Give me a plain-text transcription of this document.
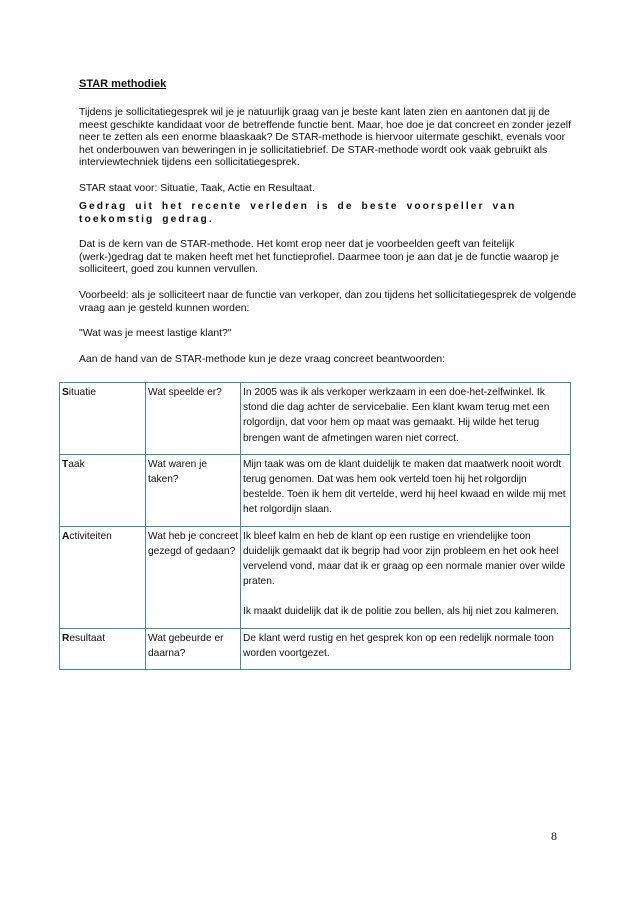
STAR methodiek

Tijdens je sollicitatiegesprek wil je je natuurlijk graag van je beste kant laten zien en aantonen dat jij de meest geschikte kandidaat voor de betreffende functie bent. Maar, hoe doe je dat concreet en zonder jezelf neer te zetten als een enorme blaaskaak? De STAR-methode is hiervoor uitermate geschikt, evenals voor het onderbouwen van beweringen in je sollicitatiebrief. De STAR-methode wordt ook vaak gebruikt als interviewtechniek tijdens een sollicitatiegesprek.

STAR staat voor: Situatie, Taak, Actie en Resultaat.

Gedrag uit het recente verleden is de beste voorspeller van toekomstig gedrag.

Dat is de kern van de STAR-methode. Het komt erop neer dat je voorbeelden geeft van feitelijk (werk-)gedrag dat te maken heeft met het functieprofiel. Daarmee toon je aan dat je de functie waarop je solliciteert, goed zou kunnen vervullen.

Voorbeeld: als je solliciteert naar de functie van verkoper, dan zou tijdens het sollicitatiegesprek de volgende vraag aan je gesteld kunnen worden:

"Wat was je meest lastige klant?"

Aan de hand van de STAR-methode kun je deze vraag concreet beantwoorden:

Situatie	Wat speelde er?	In 2005 was ik als verkoper werkzaam in een doe-het-zelfwinkel. Ik stond die dag achter de servicebalie. Een klant kwam terug met een rolgordijn, dat voor hem op maat was gemaakt. Hij wilde het terug brengen want de afmetingen waren niet correct.

Taak	Wat waren je taken?	Mijn taak was om de klant duidelijk te maken dat maatwerk nooit wordt terug genomen. Dat was hem ook verteld toen hij het rolgordijn bestelde. Toen ik hem dit vertelde, werd hij heel kwaad en wilde mij met het rolgordijn slaan.

Activiteiten	Wat heb je concreet gezegd of gedaan?	Ik bleef kalm en heb de klant op een rustige en vriendelijke toon duidelijk gemaakt dat ik begrip had voor zijn probleem en het ook heel vervelend vond, maar dat ik er graag op een normale manier over wilde praten.

Ik maakt duidelijk dat ik de politie zou bellen, als hij niet zou kalmeren.

Resultaat	Wat gebeurde er daarna?	De klant werd rustig en het gesprek kon op een redelijk normale toon worden voortgezet.

8
